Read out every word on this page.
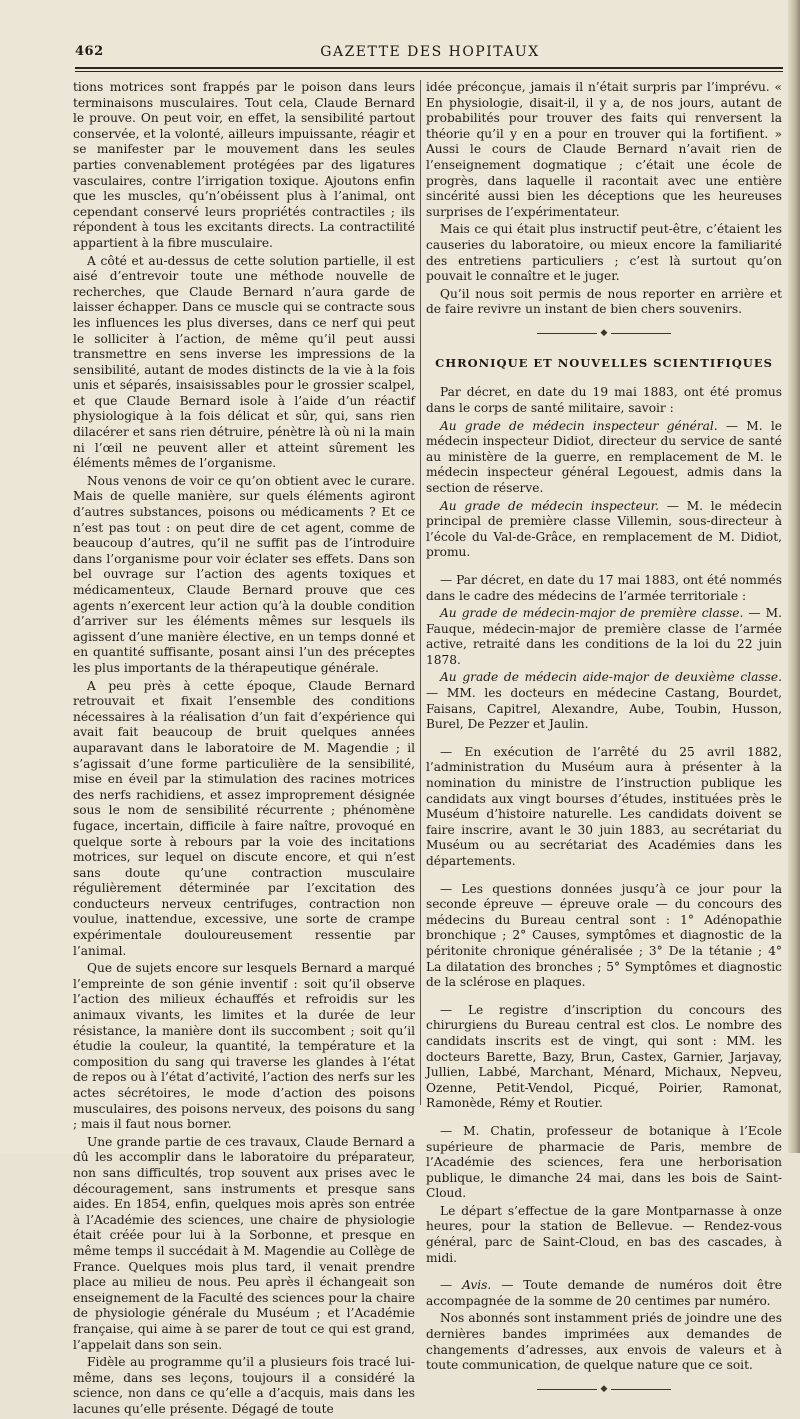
462	GAZETTE DES HOPITAUX

tions motrices sont frappés par le poison dans leurs terminaisons musculaires. Tout cela, Claude Bernard le prouve. On peut voir, en effet, la sensibilité partout conservée, et la volonté, ailleurs impuissante, réagir et se manifester par le mouvement dans les seules parties convenablement protégées par des ligatures vasculaires, contre l’irrigation toxique. Ajoutons enfin que les muscles, qu’n’obéissent plus à l’animal, ont cependant conservé leurs propriétés contractiles ; ils répondent à tous les excitants directs. La contractilité appartient à la fibre musculaire.

A côté et au-dessus de cette solution partielle, il est aisé d’entrevoir toute une méthode nouvelle de recherches, que Claude Bernard n’aura garde de laisser échapper. Dans ce muscle qui se contracte sous les influences les plus diverses, dans ce nerf qui peut le solliciter à l’action, de même qu’il peut aussi transmettre en sens inverse les impressions de la sensibilité, autant de modes distincts de la vie à la fois unis et séparés, insaisissables pour le grossier scalpel, et que Claude Bernard isole à l’aide d’un réactif physiologique à la fois délicat et sûr, qui, sans rien dilacérer et sans rien détruire, pénètre là où ni la main ni l’œil ne peuvent aller et atteint sûrement les éléments mêmes de l’organisme.

Nous venons de voir ce qu’on obtient avec le curare. Mais de quelle manière, sur quels éléments agiront d’autres substances, poisons ou médicaments ? Et ce n’est pas tout : on peut dire de cet agent, comme de beaucoup d’autres, qu’il ne suffit pas de l’introduire dans l’organisme pour voir éclater ses effets. Dans son bel ouvrage sur l’action des agents toxiques et médicamenteux, Claude Bernard prouve que ces agents n’exercent leur action qu’à la double condition d’arriver sur les éléments mêmes sur lesquels ils agissent d’une manière élective, en un temps donné et en quantité suffisante, posant ainsi l’un des préceptes les plus importants de la thérapeutique générale.

A peu près à cette époque, Claude Bernard retrouvait et fixait l’ensemble des conditions nécessaires à la réalisation d’un fait d’expérience qui avait fait beaucoup de bruit quelques années auparavant dans le laboratoire de M. Magendie ; il s’agissait d’une forme particulière de la sensibilité, mise en éveil par la stimulation des racines motrices des nerfs rachidiens, et assez improprement désignée sous le nom de sensibilité récurrente ; phénomène fugace, incertain, difficile à faire naître, provoqué en quelque sorte à rebours par la voie des incitations motrices, sur lequel on discute encore, et qui n’est sans doute qu’une contraction musculaire régulièrement déterminée par l’excitation des conducteurs nerveux centrifuges, contraction non voulue, inattendue, excessive, une sorte de crampe expérimentale douloureusement ressentie par l’animal.

Que de sujets encore sur lesquels Bernard a marqué l’empreinte de son génie inventif : soit qu’il observe l’action des milieux échauffés et refroidis sur les animaux vivants, les limites et la durée de leur résistance, la manière dont ils succombent ; soit qu’il étudie la couleur, la quantité, la température et la composition du sang qui traverse les glandes à l’état de repos ou à l’état d’activité, l’action des nerfs sur les actes sécrétoires, le mode d’action des poisons musculaires, des poisons nerveux, des poisons du sang ; mais il faut nous borner.

Une grande partie de ces travaux, Claude Bernard a dû les accomplir dans le laboratoire du préparateur, non sans difficultés, trop souvent aux prises avec le découragement, sans instruments et presque sans aides. En 1854, enfin, quelques mois après son entrée à l’Académie des sciences, une chaire de physiologie était créée pour lui à la Sorbonne, et presque en même temps il succédait à M. Magendie au Collège de France. Quelques mois plus tard, il venait prendre place au milieu de nous. Peu après il échangeait son enseignement de la Faculté des sciences pour la chaire de physiologie générale du Muséum ; et l’Académie française, qui aime à se parer de tout ce qui est grand, l’appelait dans son sein.

Fidèle au programme qu’il a plusieurs fois tracé lui-même, dans ses leçons, toujours il a considéré la science, non dans ce qu’elle a d’acquis, mais dans les lacunes qu’elle présente. Dégagé de toute

idée préconçue, jamais il n’était surpris par l’imprévu. « En physiologie, disait-il, il y a, de nos jours, autant de probabilités pour trouver des faits qui renversent la théorie qu’il y en a pour en trouver qui la fortifient. » Aussi le cours de Claude Bernard n’avait rien de l’enseignement dogmatique ; c’était une école de progrès, dans laquelle il racontait avec une entière sincérité aussi bien les déceptions que les heureuses surprises de l’expérimentateur.

Mais ce qui était plus instructif peut-être, c’étaient les causeries du laboratoire, ou mieux encore la familiarité des entretiens particuliers ; c’est là surtout qu’on pouvait le connaître et le juger.

Qu’il nous soit permis de nous reporter en arrière et de faire revivre un instant de bien chers souvenirs.

◆
CHRONIQUE ET NOUVELLES SCIENTIFIQUES

Par décret, en date du 19 mai 1883, ont été promus dans le corps de santé militaire, savoir :

Au grade de médecin inspecteur général. — M. le médecin inspecteur Didiot, directeur du service de santé au ministère de la guerre, en remplacement de M. le médecin inspecteur général Legouest, admis dans la section de réserve.

Au grade de médecin inspecteur. — M. le médecin principal de première classe Villemin, sous-directeur à l’école du Val-de-Grâce, en remplacement de M. Didiot, promu.

— Par décret, en date du 17 mai 1883, ont été nommés dans le cadre des médecins de l’armée territoriale :

Au grade de médecin-major de première classe. — M. Fauque, médecin-major de première classe de l’armée active, retraité dans les conditions de la loi du 22 juin 1878.

Au grade de médecin aide-major de deuxième classe. — MM. les docteurs en médecine Castang, Bourdet, Faisans, Capitrel, Alexandre, Aube, Toubin, Husson, Burel, De Pezzer et Jaulin.

— En exécution de l’arrêté du 25 avril 1882, l’administration du Muséum aura à présenter à la nomination du ministre de l’instruction publique les candidats aux vingt bourses d’études, instituées près le Muséum d’histoire naturelle. Les candidats doivent se faire inscrire, avant le 30 juin 1883, au secrétariat du Muséum ou au secrétariat des Académies dans les départements.

— Les questions données jusqu’à ce jour pour la seconde épreuve — épreuve orale — du concours des médecins du Bureau central sont : 1° Adénopathie bronchique ; 2° Causes, symptômes et diagnostic de la péritonite chronique généralisée ; 3° De la tétanie ; 4° La dilatation des bronches ; 5° Symptômes et diagnostic de la sclérose en plaques.

— Le registre d’inscription du concours des chirurgiens du Bureau central est clos. Le nombre des candidats inscrits est de vingt, qui sont : MM. les docteurs Barette, Bazy, Brun, Castex, Garnier, Jarjavay, Jullien, Labbé, Marchant, Ménard, Michaux, Nepveu, Ozenne, Petit-Vendol, Picqué, Poirier, Ramonat, Ramonède, Rémy et Routier.

— M. Chatin, professeur de botanique à l’Ecole supérieure de pharmacie de Paris, membre de l’Académie des sciences, fera une herborisation publique, le dimanche 24 mai, dans les bois de Saint-Cloud.

Le départ s’effectue de la gare Montparnasse à onze heures, pour la station de Bellevue. — Rendez-vous général, parc de Saint-Cloud, en bas des cascades, à midi.

— Avis. — Toute demande de numéros doit être accompagnée de la somme de 20 centimes par numéro.

Nos abonnés sont instamment priés de joindre une des dernières bandes imprimées aux demandes de changements d’adresses, aux envois de valeurs et à toute communication, de quelque nature que ce soit.

◆
